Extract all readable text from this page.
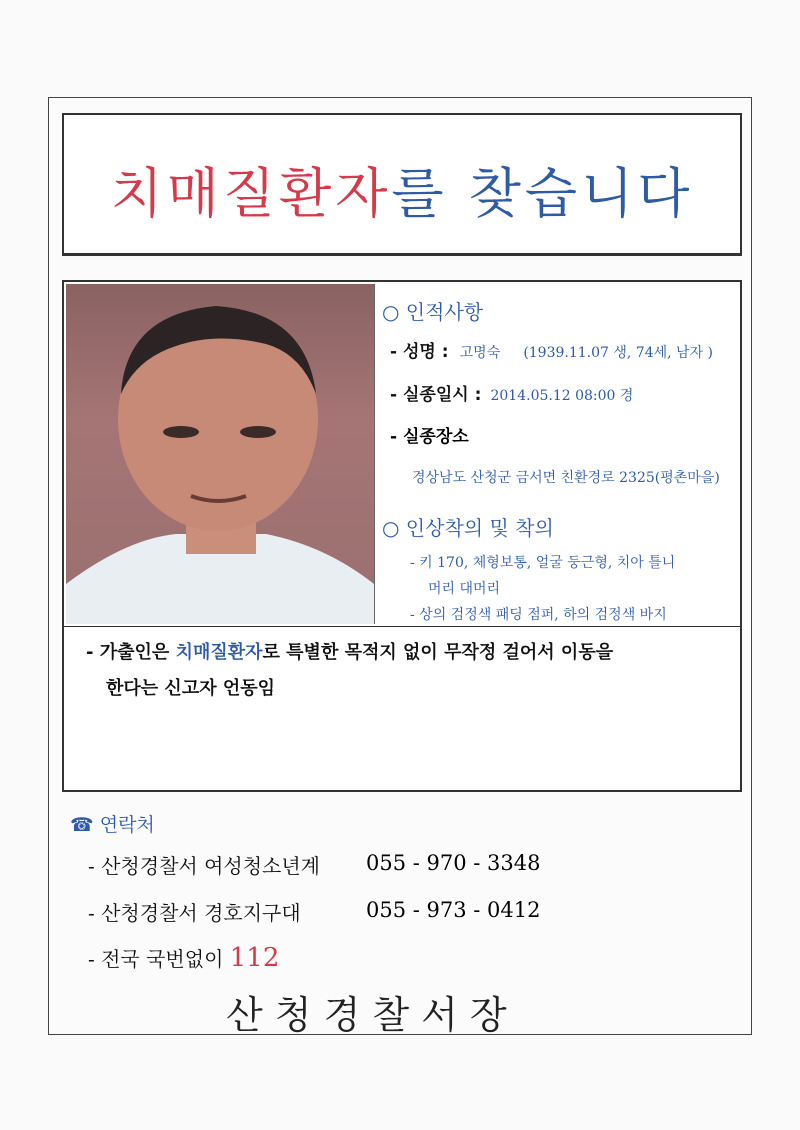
치매질환자를 찾습니다
○ 인적사항
- 성명 : 고명숙 (1939.11.07 생, 74세, 남자 )
- 실종일시 : 2014.05.12 08:00 경
- 실종장소
경상남도 산청군 금서면 친환경로 2325(평촌마을)
○ 인상착의 및 착의
- 키 170, 체형보통, 얼굴 둥근형, 치아 틀니
머리 대머리
- 상의 검정색 패딩 점퍼, 하의 검정색 바지
- 가출인은 치매질환자로 특별한 목적지 없이 무작정 걸어서 이동을
한다는 신고자 언동임
☎ 연락처
- 산청경찰서 여성청소년계 055 - 970 - 3348
- 산청경찰서 경호지구대	055 - 973 - 0412
- 전국 국번없이 112
산 청 경 찰 서 장
